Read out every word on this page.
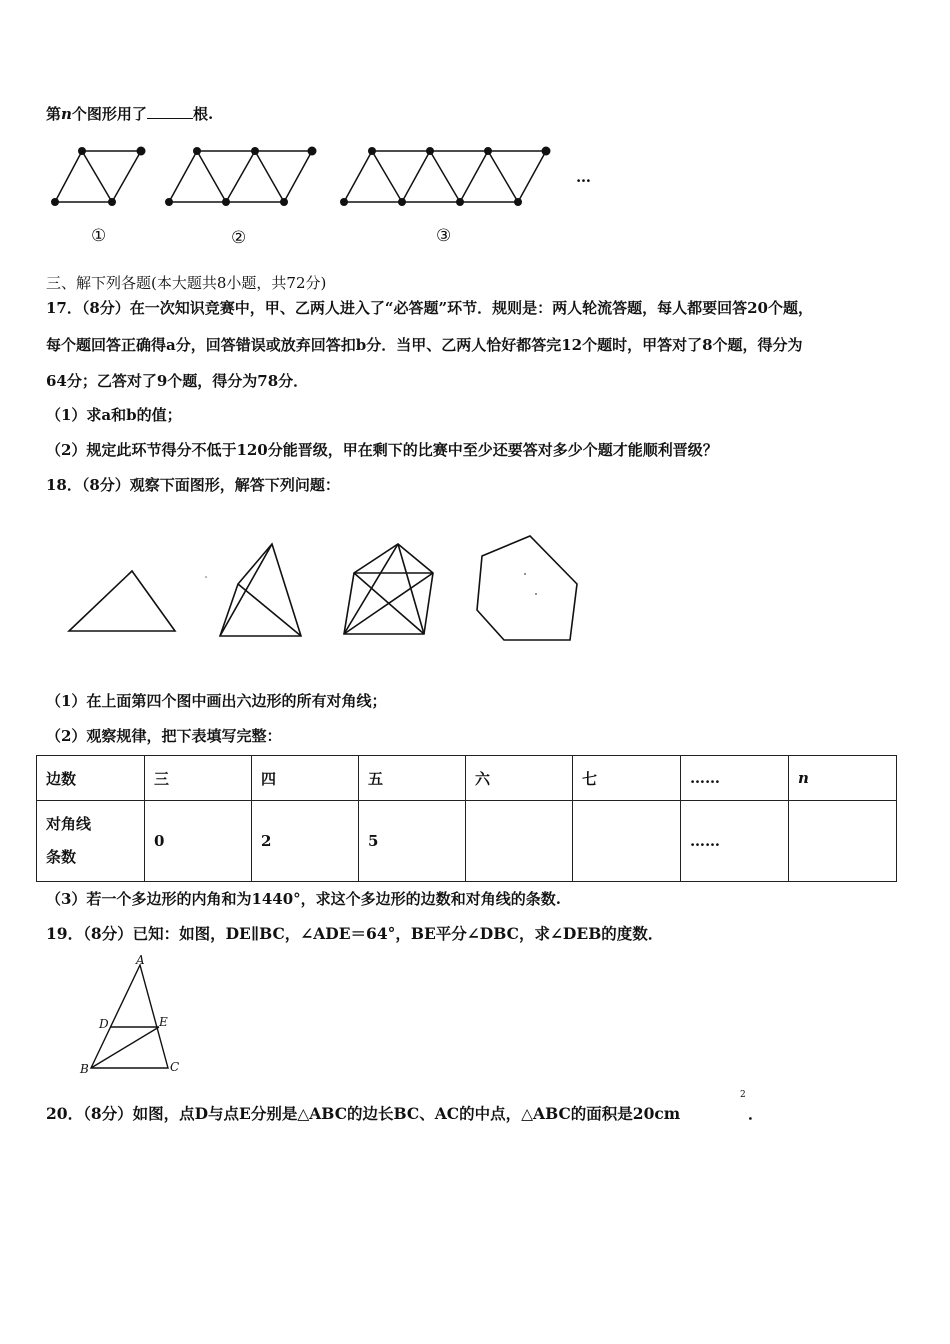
第n个图形用了	根.
…
①	②	③
三、解下列各题(本大题共8小题，共72分)
17．（8分）在一次知识竞赛中，甲、乙两人进入了“必答题”环节．规则是：两人轮流答题，每人都要回答20个题，
每个题回答正确得a分，回答错误或放弃回答扣b分．当甲、乙两人恰好都答完12个题时，甲答对了8个题，得分为
64分；乙答对了9个题，得分为78分．
（1）求a和b的值；
（2）规定此环节得分不低于120分能晋级，甲在剩下的比赛中至少还要答对多少个题才能顺利晋级？
18．（8分）观察下面图形，解答下列问题：
（1）在上面第四个图中画出六边形的所有对角线；
（2）观察规律，把下表填写完整：
边数	三	四	五	六	七	……	n

对角线
条数	0	2	5			……	
（3）若一个多边形的内角和为1440°，求这个多边形的边数和对角线的条数.
19．（8分）已知：如图，DE∥BC，∠ADE＝64°，BE平分∠DBC，求∠DEB的度数．
A
D	E
B	C
20．（8分）如图，点D与点E分别是△ABC的边长BC、AC的中点，△ABC的面积是20cm
2
．
